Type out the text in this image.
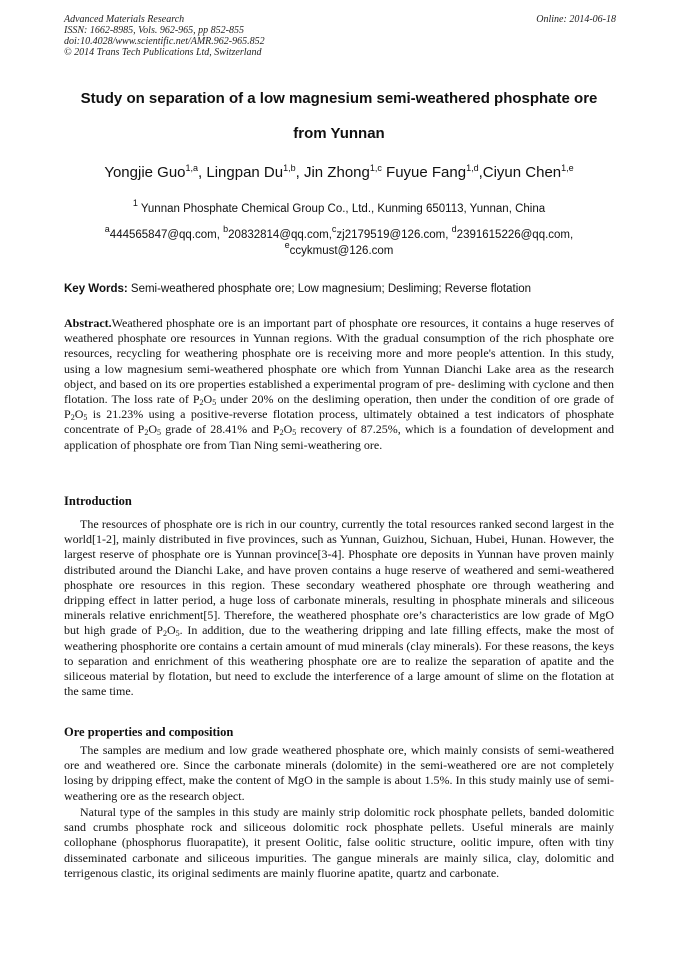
Advanced Materials Research
ISSN: 1662-8985, Vols. 962-965, pp 852-855
doi:10.4028/www.scientific.net/AMR.962-965.852
© 2014 Trans Tech Publications Ltd, Switzerland
Online: 2014-06-18
Study on separation of a low magnesium semi-weathered phosphate ore
from Yunnan
Yongjie Guo$^{1,a}$, Lingpan Du$^{1,b}$, Jin Zhong$^{1,c}$ Fuyue Fang$^{1,d}$,Ciyun Chen$^{1,e}$
$^1$ Yunnan Phosphate Chemical Group Co., Ltd., Kunming 650113, Yunnan, China
$^a$444565847@qq.com, $^b$20832814@qq.com,$^c$zj2179519@126.com, $^d$2391615226@qq.com,
$^e$ccykmust@126.com
Key Words: Semi-weathered phosphate ore; Low magnesium; Desliming; Reverse flotation

Abstract.Weathered phosphate ore is an important part of phosphate ore resources, it contains a huge reserves of weathered phosphate ore resources in Yunnan regions. With the gradual consumption of the rich phosphate ore resources, recycling for weathering phosphate ore is receiving more and more people's attention. In this study, using a low magnesium semi-weathered phosphate ore which from Yunnan Dianchi Lake area as the research object, and based on its ore properties established a experimental program of pre- desliming with cyclone and then flotation. The loss rate of $P_2O_5$ under 20% on the desliming operation, then under the condition of ore grade of $P_2O_5$ is 21.23% using a positive-reverse flotation process, ultimately obtained a test indicators of phosphate concentrate of $P_2O_5$ grade of 28.41% and $P_2O_5$ recovery of 87.25%, which is a foundation of development and application of phosphate ore from Tian Ning semi-weathering ore.

Introduction

The resources of phosphate ore is rich in our country, currently the total resources ranked second largest in the world[1-2], mainly distributed in five provinces, such as Yunnan, Guizhou, Sichuan, Hubei, Hunan. However, the largest reserve of phosphate ore is Yunnan province[3-4]. Phosphate ore deposits in Yunnan have proven mainly distributed around the Dianchi Lake, and have proven contains a huge reserve of weathered and semi-weathered phosphate ore resources in this region. These secondary weathered phosphate ore through weathering and dripping effect in latter period, a huge loss of carbonate minerals, resulting in phosphate minerals and siliceous minerals relative enrichment[5]. Therefore, the weathered phosphate ore’s characteristics are low grade of MgO but high grade of $P_2O_5$. In addition, due to the weathering dripping and late filling effects, make the most of weathering phosphorite ore contains a certain amount of mud minerals (clay minerals). For these reasons, the keys to separation and enrichment of this weathering phosphate ore are to realize the separation of apatite and the siliceous material by flotation, but need to exclude the interference of a large amount of slime on the flotation at the same time.

Ore properties and composition

The samples are medium and low grade weathered phosphate ore, which mainly consists of semi-weathered ore and weathered ore. Since the carbonate minerals (dolomite) in the semi-weathered ore are not completely losing by dripping effect, make the content of MgO in the sample is about 1.5%. In this study mainly use of semi-weathering ore as the research object.

Natural type of the samples in this study are mainly strip dolomitic rock phosphate pellets, banded dolomitic sand crumbs phosphate rock and siliceous dolomitic rock phosphate pellets. Useful minerals are mainly collophane (phosphorus fluorapatite), it present Oolitic, false oolitic structure, oolitic impure, often with tiny disseminated carbonate and siliceous impurities. The gangue minerals are mainly silica, clay, dolomitic and terrigenous clastic, its original sediments are mainly fluorine apatite, quartz and carbonate.
